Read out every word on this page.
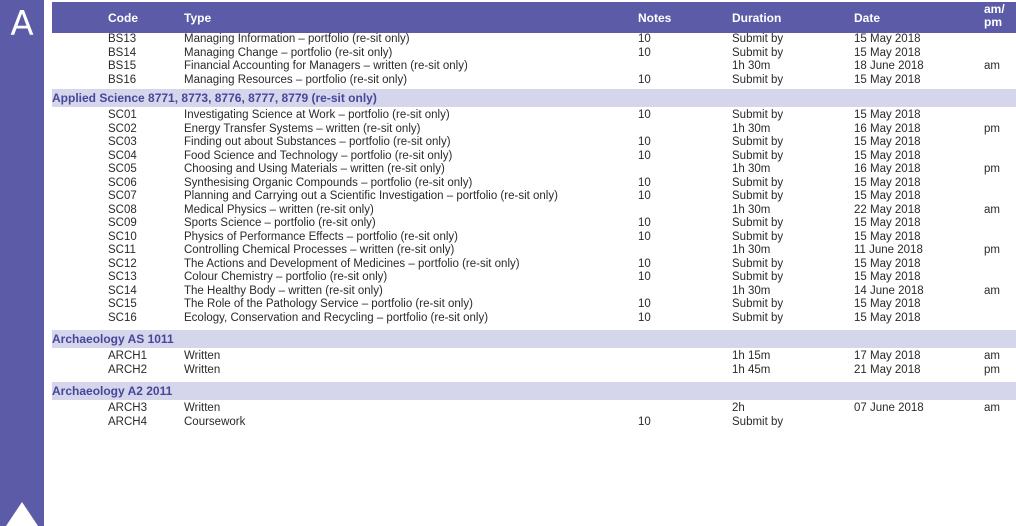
A	Code	Type	Notes	Duration	Date
am/
pm
BS13	Managing Information – portfolio (re-sit only)	10	Submit by	15 May 2018
BS14	Managing Change – portfolio (re-sit only)	10	Submit by	15 May 2018
BS15	Financial Accounting for Managers – written (re-sit only)	1h 30m	18 June 2018	am
BS16	Managing Resources – portfolio (re-sit only)	10	Submit by	15 May 2018
Applied Science 8771, 8773, 8776, 8777, 8779 (re-sit only)
SC01	Investigating Science at Work – portfolio (re-sit only)	10	Submit by	15 May 2018
SC02	Energy Transfer Systems – written (re-sit only)	1h 30m	16 May 2018	pm
SC03	Finding out about Substances – portfolio (re-sit only)	10	Submit by	15 May 2018
SC04	Food Science and Technology – portfolio (re-sit only)	10	Submit by	15 May 2018
SC05	Choosing and Using Materials – written (re-sit only)	1h 30m	16 May 2018	pm
SC06	Synthesising Organic Compounds – portfolio (re-sit only)	10	Submit by	15 May 2018
SC07	Planning and Carrying out a Scientific Investigation – portfolio (re-sit only)	10	Submit by	15 May 2018
SC08	Medical Physics – written (re-sit only)	1h 30m	22 May 2018	am
SC09	Sports Science – portfolio (re-sit only)	10	Submit by	15 May 2018
SC10	Physics of Performance Effects – portfolio (re-sit only)	10	Submit by	15 May 2018
SC11	Controlling Chemical Processes – written (re-sit only)	1h 30m	11 June 2018	pm
SC12	The Actions and Development of Medicines – portfolio (re-sit only)	10	Submit by	15 May 2018
SC13	Colour Chemistry – portfolio (re-sit only)	10	Submit by	15 May 2018
SC14	The Healthy Body – written (re-sit only)	1h 30m	14 June 2018	am
SC15	The Role of the Pathology Service – portfolio (re-sit only)	10	Submit by	15 May 2018
SC16	Ecology, Conservation and Recycling – portfolio (re-sit only)	10	Submit by	15 May 2018
Archaeology AS 1011
ARCH1	Written	1h 15m	17 May 2018	am
ARCH2	Written	1h 45m	21 May 2018	pm
Archaeology A2 2011
ARCH3	Written	2h	07 June 2018	am
ARCH4	Coursework	10	Submit by
